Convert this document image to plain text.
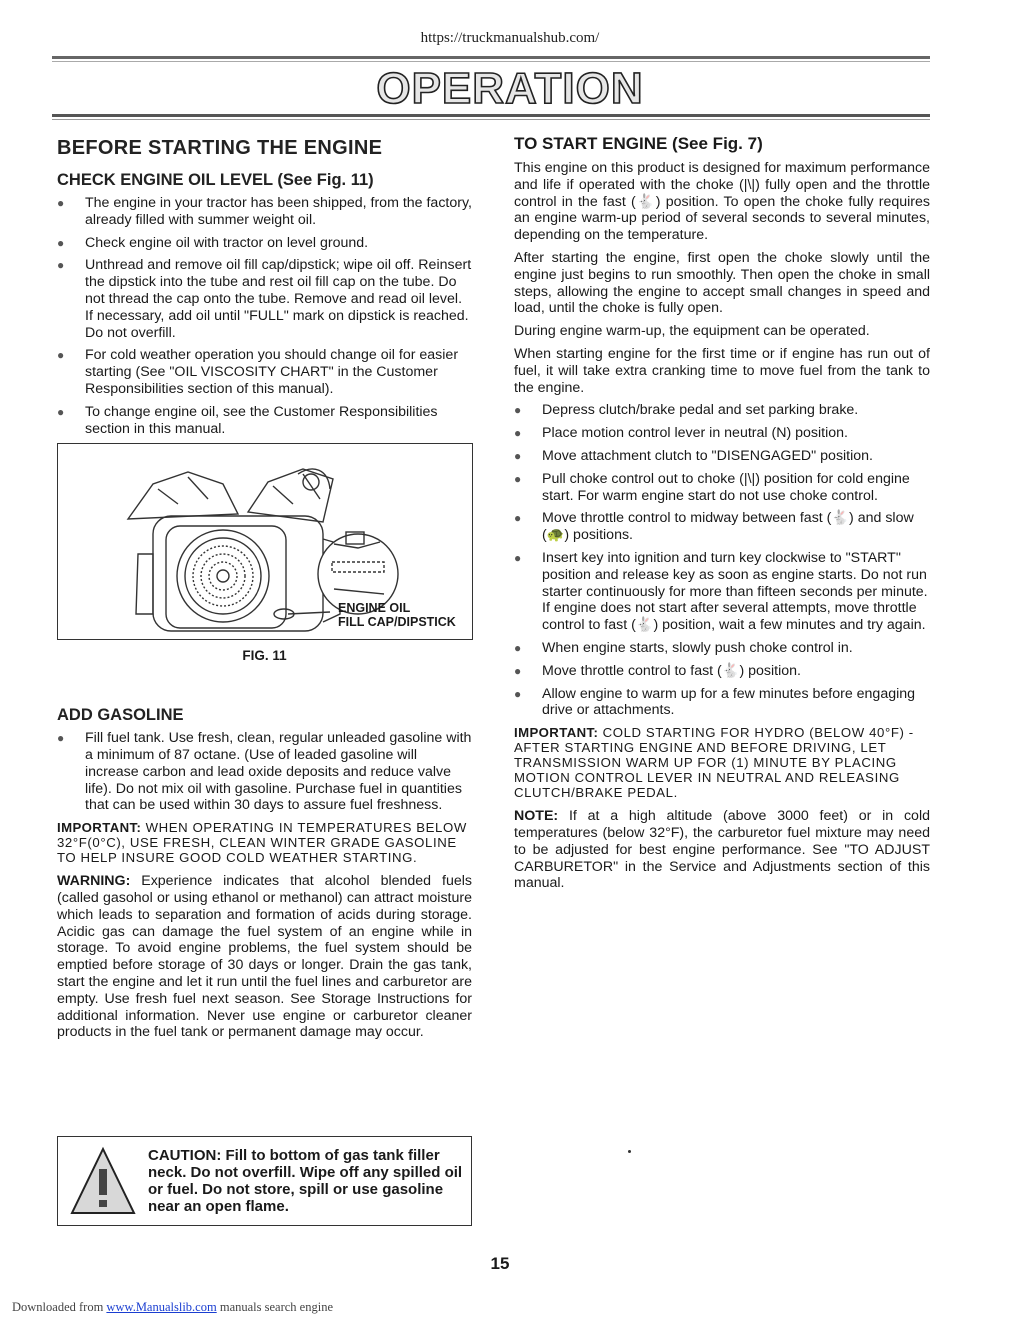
https://truckmanualshub.com/
OPERATION
BEFORE STARTING THE ENGINE
CHECK ENGINE OIL LEVEL (See Fig. 11)
● The engine in your tractor has been shipped, from the factory, already filled with summer weight oil.
● Check engine oil with tractor on level ground.
● Unthread and remove oil fill cap/dipstick; wipe oil off. Reinsert the dipstick into the tube and rest oil fill cap on the tube. Do not thread the cap onto the tube. Remove and read oil level. If necessary, add oil until "FULL" mark on dipstick is reached. Do not overfill.
● For cold weather operation you should change oil for easier starting (See "OIL VISCOSITY CHART" in the Customer Responsibilities section of this manual).
● To change engine oil, see the Customer Responsibilities section in this manual.
ENGINE OIL
FILL CAP/DIPSTICK
FIG. 11
ADD GASOLINE
● Fill fuel tank. Use fresh, clean, regular unleaded gasoline with a minimum of 87 octane. (Use of leaded gasoline will increase carbon and lead oxide deposits and reduce valve life). Do not mix oil with gasoline. Purchase fuel in quantities that can be used within 30 days to assure fuel freshness.
IMPORTANT: WHEN OPERATING IN TEMPERATURES BELOW 32°F(0°C), USE FRESH, CLEAN WINTER GRADE GASOLINE TO HELP INSURE GOOD COLD WEATHER STARTING.
WARNING: Experience indicates that alcohol blended fuels (called gasohol or using ethanol or methanol) can attract moisture which leads to separation and formation of acids during storage. Acidic gas can damage the fuel system of an engine while in storage. To avoid engine problems, the fuel system should be emptied before storage of 30 days or longer. Drain the gas tank, start the engine and let it run until the fuel lines and carburetor are empty. Use fresh fuel next season. See Storage Instructions for additional information. Never use engine or carburetor cleaner products in the fuel tank or permanent damage may occur.
CAUTION: Fill to bottom of gas tank filler neck. Do not overfill. Wipe off any spilled oil or fuel. Do not store, spill or use gasoline near an open flame.
TO START ENGINE (See Fig. 7)
This engine on this product is designed for maximum performance and life if operated with the choke (|\|) fully open and the throttle control in the fast (🐇) position. To open the choke fully requires an engine warm-up period of several seconds to several minutes, depending on the temperature.
After starting the engine, first open the choke slowly until the engine just begins to run smoothly. Then open the choke in small steps, allowing the engine to accept small changes in speed and load, until the choke is fully open.
During engine warm-up, the equipment can be operated.
When starting engine for the first time or if engine has run out of fuel, it will take extra cranking time to move fuel from the tank to the engine.
● Depress clutch/brake pedal and set parking brake.
● Place motion control lever in neutral (N) position.
● Move attachment clutch to "DISENGAGED" position.
● Pull choke control out to choke (|\|) position for cold engine start. For warm engine start do not use choke control.
● Move throttle control to midway between fast (🐇) and slow (🐢) positions.
● Insert key into ignition and turn key clockwise to "START" position and release key as soon as engine starts. Do not run starter continuously for more than fifteen seconds per minute. If engine does not start after several attempts, move throttle control to fast (🐇) position, wait a few minutes and try again.
● When engine starts, slowly push choke control in.
● Move throttle control to fast (🐇) position.
● Allow engine to warm up for a few minutes before engaging drive or attachments.
IMPORTANT: COLD STARTING FOR HYDRO (BELOW 40°F) - AFTER STARTING ENGINE AND BEFORE DRIVING, LET TRANSMISSION WARM UP FOR (1) MINUTE BY PLACING MOTION CONTROL LEVER IN NEUTRAL AND RELEASING CLUTCH/BRAKE PEDAL.
NOTE: If at a high altitude (above 3000 feet) or in cold temperatures (below 32°F), the carburetor fuel mixture may need to be adjusted for best engine performance. See "TO ADJUST CARBURETOR" in the Service and Adjustments section of this manual.
15
Downloaded from www.Manualslib.com manuals search engine
